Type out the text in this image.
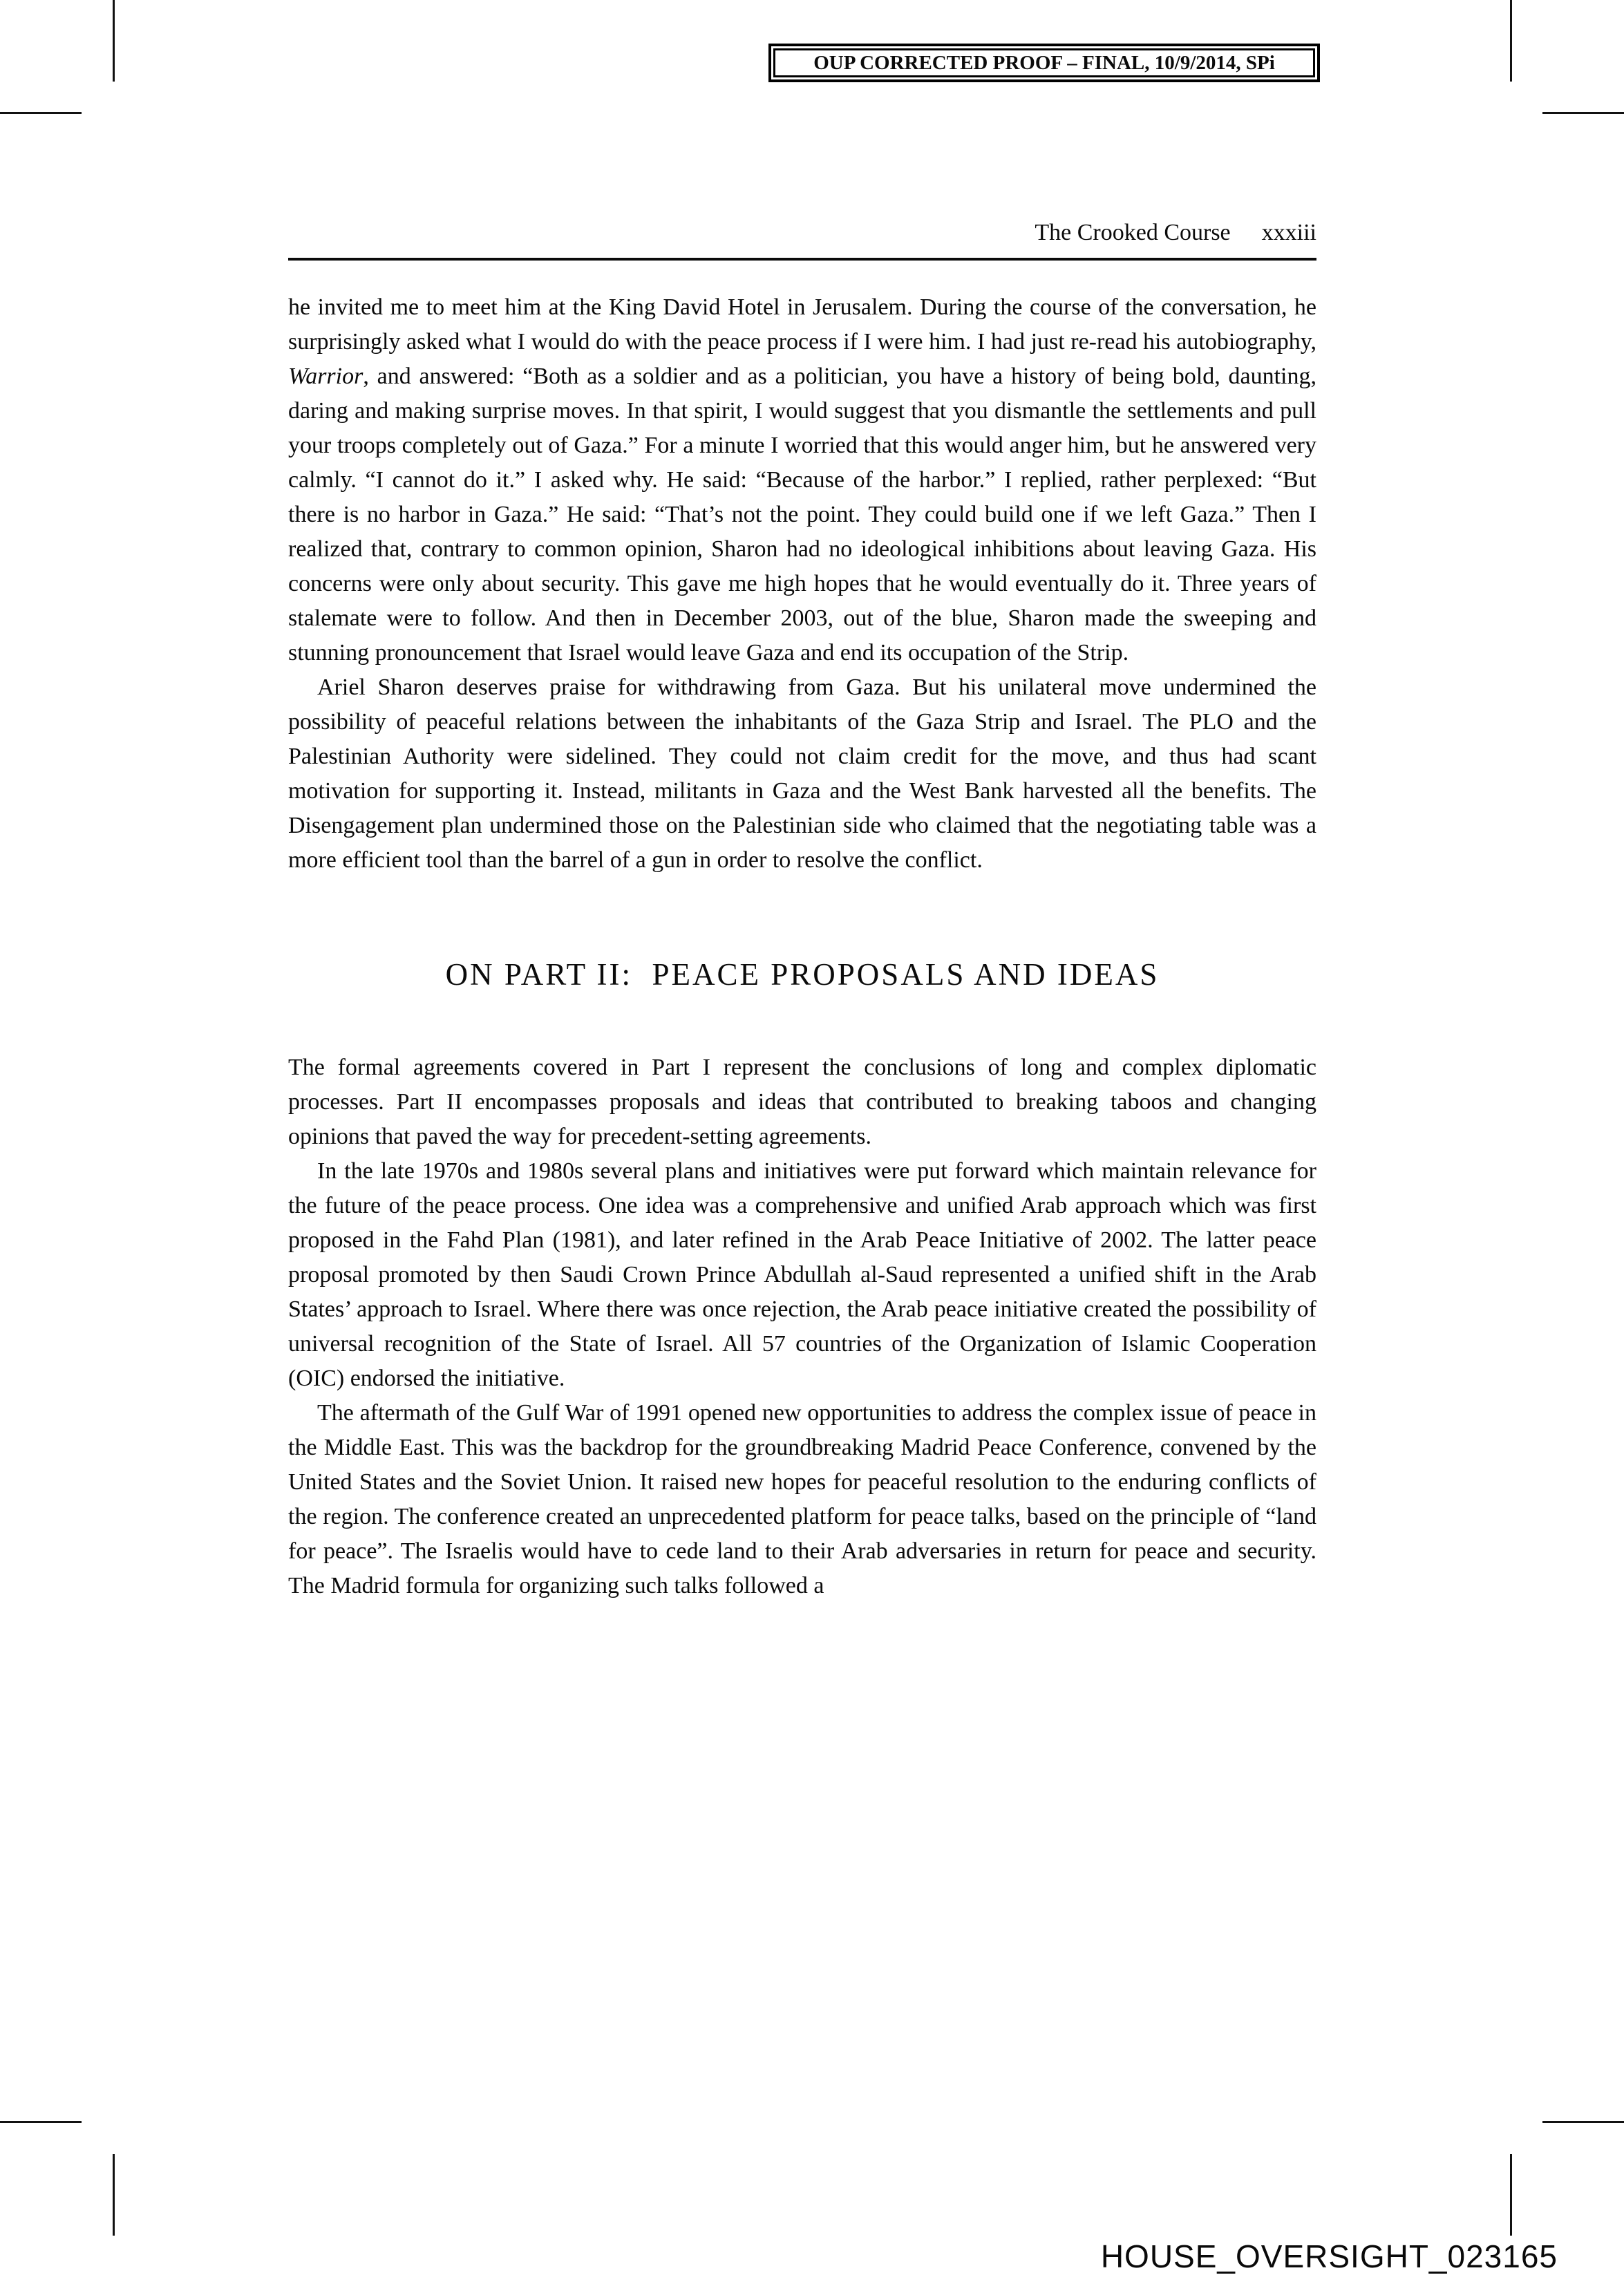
OUP CORRECTED PROOF – FINAL, 10/9/2014, SPi
The Crooked Course xxxiii

he invited me to meet him at the King David Hotel in Jerusalem. During the course of the conversation, he surprisingly asked what I would do with the peace process if I were him. I had just re-read his autobiography, Warrior, and answered: “Both as a soldier and as a politician, you have a history of being bold, daunting, daring and making surprise moves. In that spirit, I would suggest that you dismantle the settlements and pull your troops completely out of Gaza.” For a minute I worried that this would anger him, but he answered very calmly. “I cannot do it.” I asked why. He said: “Because of the harbor.” I replied, rather perplexed: “But there is no harbor in Gaza.” He said: “That’s not the point. They could build one if we left Gaza.” Then I realized that, contrary to common opinion, Sharon had no ideological inhibitions about leaving Gaza. His concerns were only about security. This gave me high hopes that he would eventually do it. Three years of stalemate were to follow. And then in December 2003, out of the blue, Sharon made the sweeping and stunning pronouncement that Israel would leave Gaza and end its occupation of the Strip.

Ariel Sharon deserves praise for withdrawing from Gaza. But his unilateral move undermined the possibility of peaceful relations between the inhabitants of the Gaza Strip and Israel. The PLO and the Palestinian Authority were sidelined. They could not claim credit for the move, and thus had scant motivation for supporting it. Instead, militants in Gaza and the West Bank harvested all the benefits. The Disengagement plan undermined those on the Palestinian side who claimed that the negotiating table was a more efficient tool than the barrel of a gun in order to resolve the conflict.

ON PART II:  PEACE PROPOSALS AND IDEAS

The formal agreements covered in Part I represent the conclusions of long and complex diplomatic processes. Part II encompasses proposals and ideas that contributed to breaking taboos and changing opinions that paved the way for precedent-setting agreements.

In the late 1970s and 1980s several plans and initiatives were put forward which maintain relevance for the future of the peace process. One idea was a comprehensive and unified Arab approach which was first proposed in the Fahd Plan (1981), and later refined in the Arab Peace Initiative of 2002. The latter peace proposal promoted by then Saudi Crown Prince Abdullah al-Saud represented a unified shift in the Arab States’ approach to Israel. Where there was once rejection, the Arab peace initiative created the possibility of universal recognition of the State of Israel. All 57 countries of the Organization of Islamic Cooperation (OIC) endorsed the initiative.

The aftermath of the Gulf War of 1991 opened new opportunities to address the complex issue of peace in the Middle East. This was the backdrop for the groundbreaking Madrid Peace Conference, convened by the United States and the Soviet Union. It raised new hopes for peaceful resolution to the enduring conflicts of the region. The conference created an unprecedented platform for peace talks, based on the principle of “land for peace”. The Israelis would have to cede land to their Arab adversaries in return for peace and security. The Madrid formula for organizing such talks followed a

HOUSE_OVERSIGHT_023165
